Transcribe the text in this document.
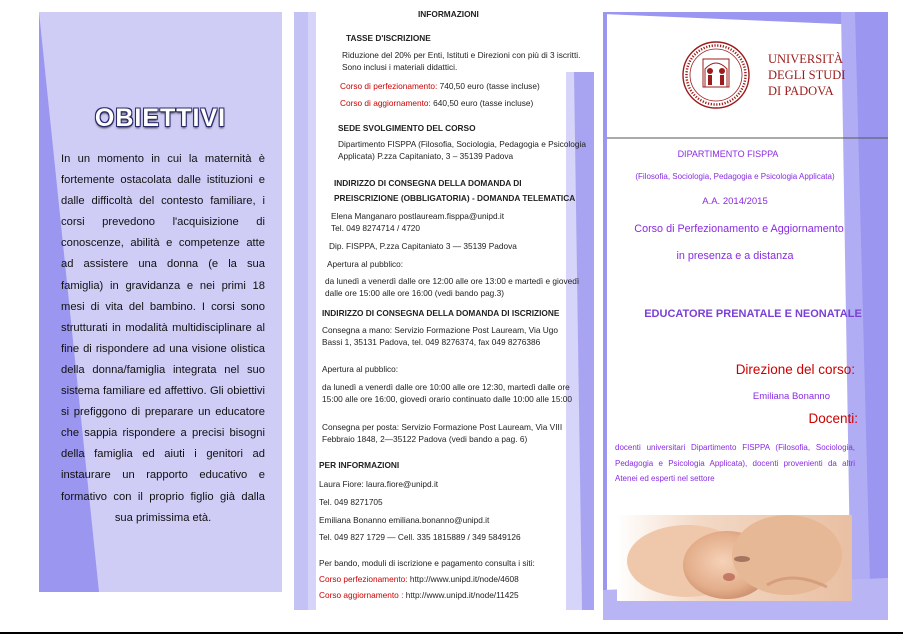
OBIETTIVI
In un momento in cui la maternità è fortemente ostacolata dalle istituzioni e dalle difficoltà del contesto familiare, i corsi prevedono l'acquisizione di conoscenze, abilità e competenze atte ad assistere una donna (e la sua famiglia) in gravidanza e nei primi 18 mesi di vita del bambino. I corsi sono strutturati in modalità multidisciplinare al fine di rispondere ad una visione olistica della donna/famiglia integrata nel suo sistema familiare ed affettivo. Gli obiettivi si prefiggono di preparare un educatore che sappia rispondere a precisi bisogni della famiglia ed aiuti i genitori ad instaurare un rapporto educativo e formativo con il proprio figlio già dalla sua primissima età.
INFORMAZIONI
TASSE D'ISCRIZIONE
Riduzione del 20% per Enti, Istituti e Direzioni con più di 3 iscritti. Sono inclusi i materiali didattici.
Corso di perfezionamento: 740,50 euro (tasse incluse)
Corso di aggiornamento: 640,50 euro (tasse incluse)
SEDE SVOLGIMENTO DEL CORSO
Dipartimento FISPPA (Filosofia, Sociologia, Pedagogia e Psicologia Applicata) P.zza Capitaniato, 3 – 35139 Padova
INDIRIZZO DI CONSEGNA DELLA DOMANDA DI
PREISCRIZIONE (OBBLIGATORIA) - DOMANDA TELEMATICA
Elena Manganaro postlauream.fisppa@unipd.it
Tel. 049 8274714 / 4720
Dip. FISPPA, P.zza Capitaniato 3 — 35139 Padova
Apertura al pubblico:
da lunedì a venerdì dalle ore 12:00 alle ore 13:00 e martedì e giovedì dalle ore 15:00 alle ore 16:00 (vedi bando pag.3)
INDIRIZZO DI CONSEGNA DELLA DOMANDA DI ISCRIZIONE
Consegna a mano: Servizio Formazione Post Lauream, Via Ugo Bassi 1, 35131 Padova, tel. 049 8276374, fax 049 8276386
Apertura al pubblico:
da lunedì a venerdì dalle ore 10:00 alle ore 12:30, martedì dalle ore 15:00 alle ore 16:00, giovedì orario continuato dalle 10:00 alle 15:00
Consegna per posta: Servizio Formazione Post Lauream, Via VIII Febbraio 1848, 2—35122 Padova (vedi bando a pag. 6)
PER INFORMAZIONI
Laura Fiore: laura.fiore@unipd.it
Tel. 049 8271705
Emiliana Bonanno emiliana.bonanno@unipd.it
Tel. 049 827 1729 — Cell. 335 1815889 / 349 5849126
Per bando, moduli di iscrizione e pagamento consulta i siti:
Corso perfezionamento: http://www.unipd.it/node/4608
Corso aggiornamento : http://www.unipd.it/node/11425
UNIVERSITÀ
DEGLI STUDI
DI PADOVA
DIPARTIMENTO FISPPA
(Filosofia, Sociologia, Pedagogia e Psicologia Applicata)
A.A. 2014/2015
Corso di Perfezionamento e Aggiornamento
in presenza e a distanza
EDUCATORE PRENATALE E NEONATALE
Direzione del corso:
Emiliana Bonanno
Docenti:
docenti universitari Dipartimento FISPPA (Filosofia, Sociologia, Pedagogia e Psicologia Applicata), docenti provenienti da altri Atenei ed esperti nel settore
